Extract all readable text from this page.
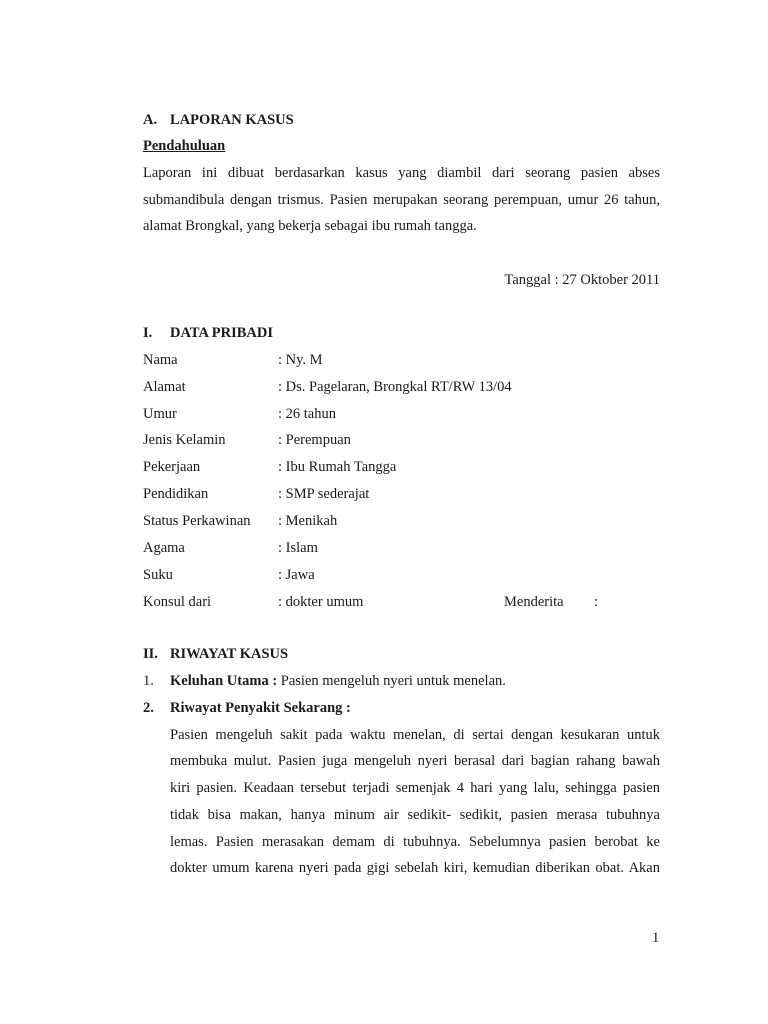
A. LAPORAN KASUS
Pendahuluan
Laporan ini dibuat berdasarkan kasus yang diambil dari seorang pasien abses
submandibula dengan trismus. Pasien merupakan seorang perempuan, umur 26 tahun,
alamat Brongkal, yang bekerja sebagai ibu rumah tangga.
Tanggal : 27 Oktober 2011
I. DATA PRIBADI
Nama	: Ny. M
Alamat	: Ds. Pagelaran, Brongkal RT/RW 13/04
Umur	: 26 tahun
Jenis Kelamin	: Perempuan
Pekerjaan	: Ibu Rumah Tangga
Pendidikan	: SMP sederajat
Status Perkawinan : Menikah
Agama	: Islam
Suku	: Jawa
Konsul dari	: dokter umum	Menderita :
II. RIWAYAT KASUS
1. Keluhan Utama : Pasien mengeluh nyeri untuk menelan.
2. Riwayat Penyakit Sekarang :
Pasien mengeluh sakit pada waktu menelan, di sertai dengan kesukaran untuk
membuka mulut. Pasien juga mengeluh nyeri berasal dari bagian rahang bawah
kiri pasien. Keadaan tersebut terjadi semenjak 4 hari yang lalu, sehingga pasien
tidak bisa makan, hanya minum air sedikit- sedikit, pasien merasa tubuhnya
lemas. Pasien merasakan demam di tubuhnya. Sebelumnya pasien berobat ke
dokter umum karena nyeri pada gigi sebelah kiri, kemudian diberikan obat. Akan
1
